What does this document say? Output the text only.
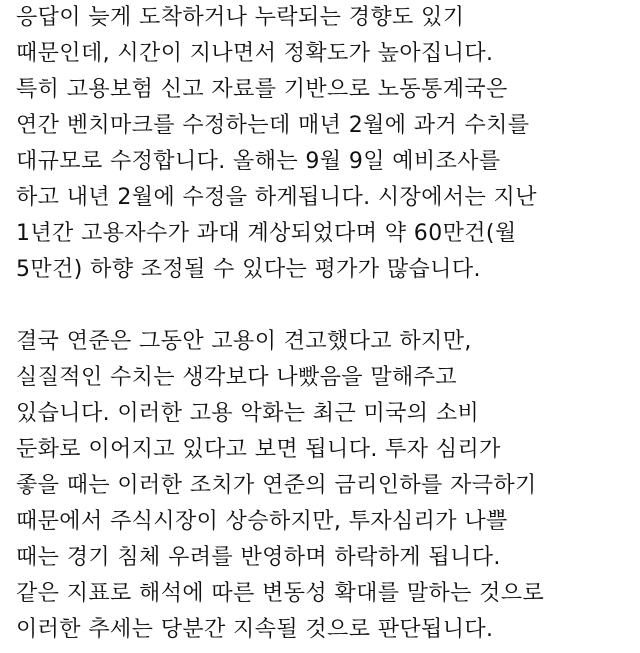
응답이 늦게 도착하거나 누락되는 경향도 있기
때문인데, 시간이 지나면서 정확도가 높아집니다.
특히 고용보험 신고 자료를 기반으로 노동통계국은
연간 벤치마크를 수정하는데 매년 2월에 과거 수치를
대규모로 수정합니다. 올해는 9월 9일 예비조사를
하고 내년 2월에 수정을 하게됩니다. 시장에서는 지난
1년간 고용자수가 과대 계상되었다며 약 60만건(월
5만건) 하향 조정될 수 있다는 평가가 많습니다.
결국 연준은 그동안 고용이 견고했다고 하지만,
실질적인 수치는 생각보다 나빴음을 말해주고
있습니다. 이러한 고용 악화는 최근 미국의 소비
둔화로 이어지고 있다고 보면 됩니다. 투자 심리가
좋을 때는 이러한 조치가 연준의 금리인하를 자극하기
때문에서 주식시장이 상승하지만, 투자심리가 나쁠
때는 경기 침체 우려를 반영하며 하락하게 됩니다.
같은 지표로 해석에 따른 변동성 확대를 말하는 것으로
이러한 추세는 당분간 지속될 것으로 판단됩니다.
